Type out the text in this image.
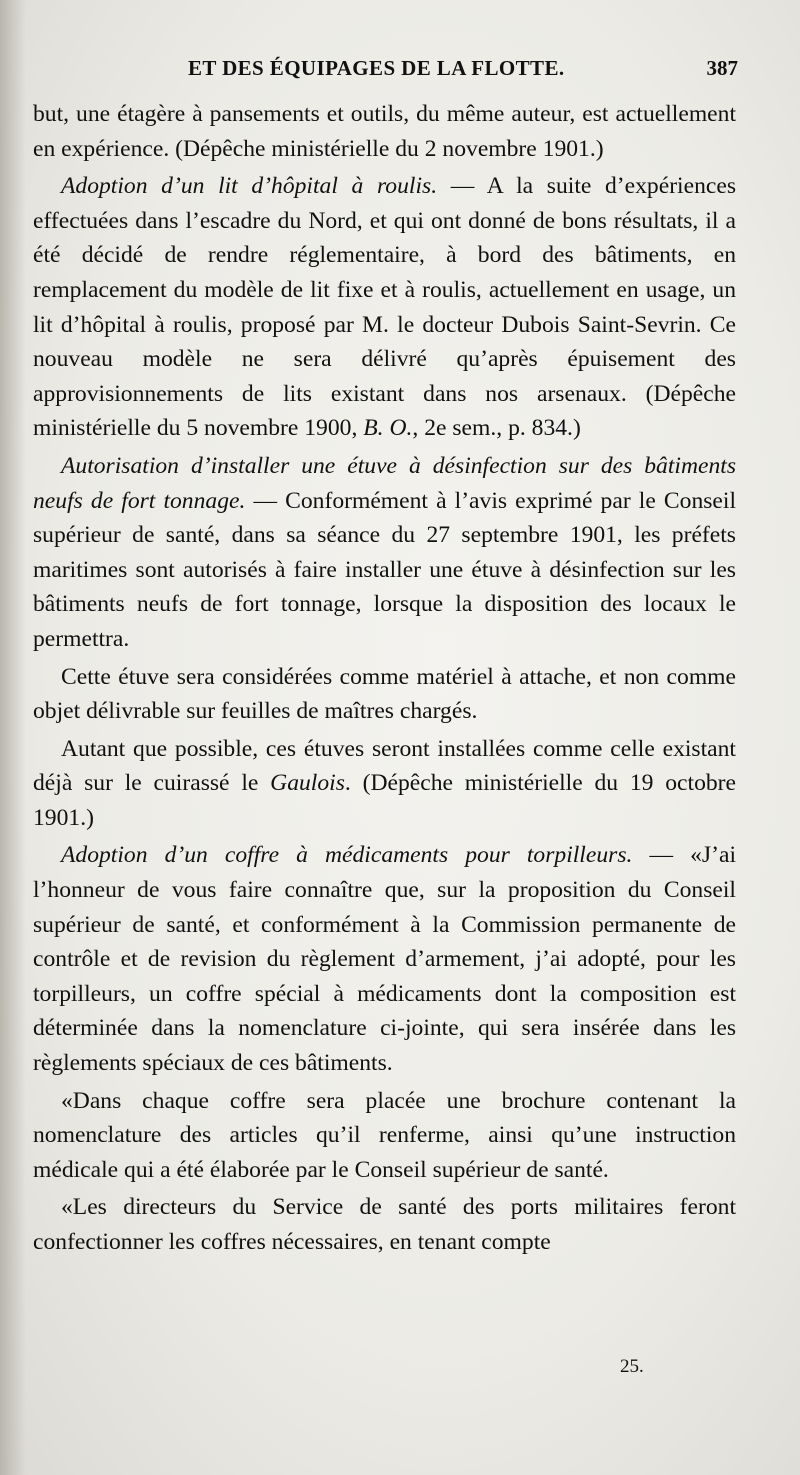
ET DES ÉQUIPAGES DE LA FLOTTE.	387

but, une étagère à pansements et outils, du même auteur, est actuellement en expérience. (Dépêche ministérielle du 2 novembre 1901.)

Adoption d’un lit d’hôpital à roulis. — A la suite d’expériences effectuées dans l’escadre du Nord, et qui ont donné de bons résultats, il a été décidé de rendre réglementaire, à bord des bâtiments, en remplacement du modèle de lit fixe et à roulis, actuellement en usage, un lit d’hôpital à roulis, proposé par M. le docteur Dubois Saint-Sevrin. Ce nouveau modèle ne sera délivré qu’après épuisement des approvisionnements de lits existant dans nos arsenaux. (Dépêche ministérielle du 5 novembre 1900, B. O., 2e sem., p. 834.)

Autorisation d’installer une étuve à désinfection sur des bâtiments neufs de fort tonnage. — Conformément à l’avis exprimé par le Conseil supérieur de santé, dans sa séance du 27 septembre 1901, les préfets maritimes sont autorisés à faire installer une étuve à désinfection sur les bâtiments neufs de fort tonnage, lorsque la disposition des locaux le permettra.

Cette étuve sera considérées comme matériel à attache, et non comme objet délivrable sur feuilles de maîtres chargés.

Autant que possible, ces étuves seront installées comme celle existant déjà sur le cuirassé le Gaulois. (Dépêche ministérielle du 19 octobre 1901.)

Adoption d’un coffre à médicaments pour torpilleurs. — «J’ai l’honneur de vous faire connaître que, sur la proposition du Conseil supérieur de santé, et conformément à la Commission permanente de contrôle et de revision du règlement d’armement, j’ai adopté, pour les torpilleurs, un coffre spécial à médicaments dont la composition est déterminée dans la nomenclature ci-jointe, qui sera insérée dans les règlements spéciaux de ces bâtiments.

«Dans chaque coffre sera placée une brochure contenant la nomenclature des articles qu’il renferme, ainsi qu’une instruction médicale qui a été élaborée par le Conseil supérieur de santé.

«Les directeurs du Service de santé des ports militaires feront confectionner les coffres nécessaires, en tenant compte

25.
